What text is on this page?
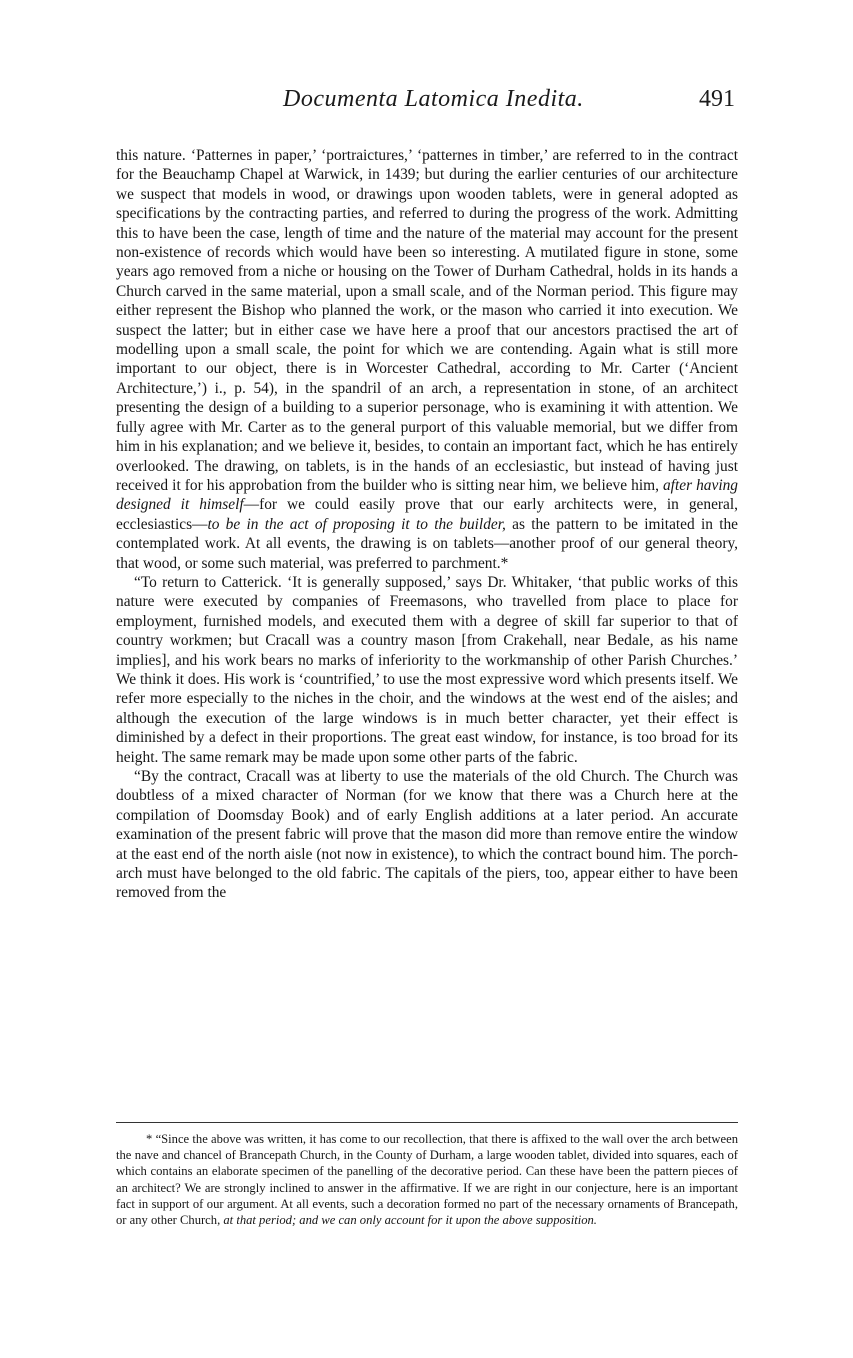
Documenta Latomica Inedita.	491

this nature. ‘Patternes in paper,’ ‘portraictures,’ ‘patternes in timber,’ are referred to in the contract for the Beauchamp Chapel at Warwick, in 1439; but during the earlier centuries of our architecture we suspect that models in wood, or drawings upon wooden tablets, were in general adopted as specifications by the contracting parties, and referred to during the progress of the work. Admitting this to have been the case, length of time and the nature of the material may account for the present non-existence of records which would have been so interesting. A mutilated figure in stone, some years ago removed from a niche or housing on the Tower of Durham Cathedral, holds in its hands a Church carved in the same material, upon a small scale, and of the Norman period. This figure may either represent the Bishop who planned the work, or the mason who carried it into execution. We suspect the latter; but in either case we have here a proof that our ancestors practised the art of modelling upon a small scale, the point for which we are contending. Again what is still more important to our object, there is in Worcester Cathedral, according to Mr. Carter (‘Ancient Architecture,’) i., p. 54), in the spandril of an arch, a representation in stone, of an architect presenting the design of a building to a superior personage, who is examining it with attention. We fully agree with Mr. Carter as to the general purport of this valuable memorial, but we differ from him in his explanation; and we believe it, besides, to contain an important fact, which he has entirely overlooked. The drawing, on tablets, is in the hands of an ecclesiastic, but instead of having just received it for his approbation from the builder who is sitting near him, we believe him, after having designed it himself—for we could easily prove that our early architects were, in general, ecclesiastics—to be in the act of proposing it to the builder, as the pattern to be imitated in the contemplated work. At all events, the drawing is on tablets—another proof of our general theory, that wood, or some such material, was preferred to parchment.*

“To return to Catterick. ‘It is generally supposed,’ says Dr. Whitaker, ‘that public works of this nature were executed by companies of Freemasons, who travelled from place to place for employment, furnished models, and executed them with a degree of skill far superior to that of country workmen; but Cracall was a country mason [from Crakehall, near Bedale, as his name implies], and his work bears no marks of inferiority to the workmanship of other Parish Churches.’ We think it does. His work is ‘countrified,’ to use the most expressive word which presents itself. We refer more especially to the niches in the choir, and the windows at the west end of the aisles; and although the execution of the large windows is in much better character, yet their effect is diminished by a defect in their proportions. The great east window, for instance, is too broad for its height. The same remark may be made upon some other parts of the fabric.

“By the contract, Cracall was at liberty to use the materials of the old Church. The Church was doubtless of a mixed character of Norman (for we know that there was a Church here at the compilation of Doomsday Book) and of early English additions at a later period. An accurate examination of the present fabric will prove that the mason did more than remove entire the window at the east end of the north aisle (not now in existence), to which the contract bound him. The porch-arch must have belonged to the old fabric. The capitals of the piers, too, appear either to have been removed from the

* “Since the above was written, it has come to our recollection, that there is affixed to the wall over the arch between the nave and chancel of Brancepath Church, in the County of Durham, a large wooden tablet, divided into squares, each of which contains an elaborate specimen of the panelling of the decorative period. Can these have been the pattern pieces of an architect? We are strongly inclined to answer in the affirmative. If we are right in our conjecture, here is an important fact in support of our argument. At all events, such a decoration formed no part of the necessary ornaments of Brancepath, or any other Church, at that period; and we can only account for it upon the above supposition.
